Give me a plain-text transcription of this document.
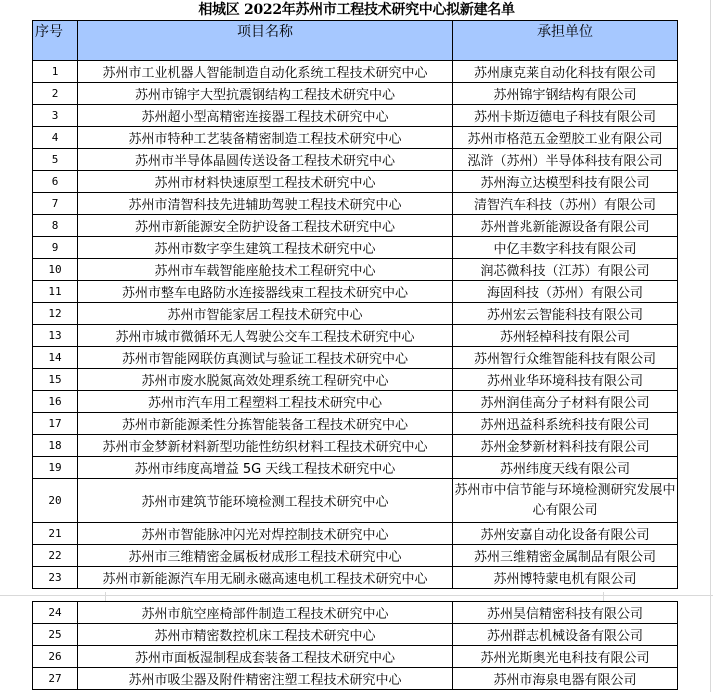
相城区 2022年苏州市工程技术研究中心拟新建名单
序号	项目名称	承担单位
1	苏州市工业机器人智能制造自动化系统工程技术研究中心	苏州康克莱自动化科技有限公司
2	苏州市锦宇大型抗震钢结构工程技术研究中心	苏州锦宇钢结构有限公司
3	苏州超小型高精密连接器工程技术研究中心	苏州卡斯迈德电子科技有限公司
4	苏州市特种工艺装备精密制造工程技术研究中心	苏州市格范五金塑胶工业有限公司
5	苏州市半导体晶圆传送设备工程技术研究中心	泓浒（苏州）半导体科技有限公司
6	苏州市材料快速原型工程技术研究中心	苏州海立达模型科技有限公司
7	苏州市清智科技先进辅助驾驶工程技术研究中心	清智汽车科技（苏州）有限公司
8	苏州市新能源安全防护设备工程技术研究中心	苏州普兆新能源设备有限公司
9	苏州市数字孪生建筑工程技术研究中心	中亿丰数字科技有限公司
10	苏州市车载智能座舱技术工程研究中心	润芯微科技（江苏）有限公司
11	苏州市整车电路防水连接器线束工程技术研究中心	海固科技（苏州）有限公司
12	苏州市智能家居工程技术研究中心	苏州宏云智能科技有限公司
13	苏州市城市微循环无人驾驶公交车工程技术研究中心	苏州轻棹科技有限公司
14	苏州市智能网联仿真测试与验证工程技术研究中心	苏州智行众维智能科技有限公司
15	苏州市废水脱氮高效处理系统工程研究中心	苏州业华环境科技有限公司
16	苏州市汽车用工程塑料工程技术研究中心	苏州润佳高分子材料有限公司
17	苏州市新能源柔性分拣智能装备工程技术研究中心	苏州迅益科系统科技有限公司
18	苏州市金梦新材料新型功能性纺织材料工程技术研究中心	苏州金梦新材料科技有限公司
19	苏州市纬度高增益 5G 天线工程技术研究中心	苏州纬度天线有限公司
20	苏州市建筑节能环境检测工程技术研究中心	苏州市中信节能与环境检测研究发展中心有限公司
21	苏州市智能脉冲闪光对焊控制技术研究中心	苏州安嘉自动化设备有限公司
22	苏州市三维精密金属板材成形工程技术研究中心	苏州三维精密金属制品有限公司
23	苏州市新能源汽车用无刷永磁高速电机工程技术研究中心	苏州博特蒙电机有限公司
24	苏州市航空座椅部件制造工程技术研究中心	苏州昊信精密科技有限公司
25	苏州市精密数控机床工程技术研究中心	苏州群志机械设备有限公司
26	苏州市面板湿制程成套装备工程技术研究中心	苏州光斯奥光电科技有限公司
27	苏州市吸尘器及附件精密注塑工程技术研究中心	苏州市海泉电器有限公司
